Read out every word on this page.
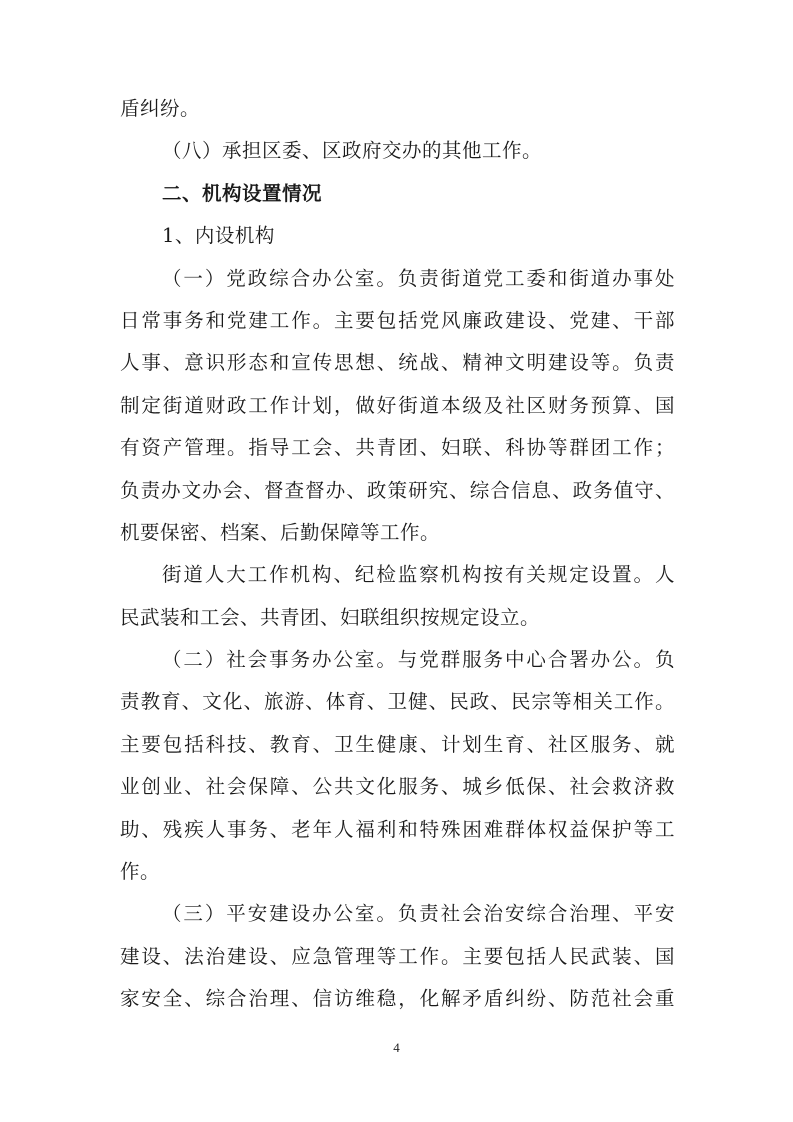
盾纠纷。
（八）承担区委、区政府交办的其他工作。
二、机构设置情况
1、内设机构
（一）党政综合办公室。负责街道党工委和街道办事处
日常事务和党建工作。主要包括党风廉政建设、党建、干部
人事、意识形态和宣传思想、统战、精神文明建设等。负责
制定街道财政工作计划，做好街道本级及社区财务预算、国
有资产管理。指导工会、共青团、妇联、科协等群团工作；
负责办文办会、督查督办、政策研究、综合信息、政务值守、
机要保密、档案、后勤保障等工作。
街道人大工作机构、纪检监察机构按有关规定设置。人
民武装和工会、共青团、妇联组织按规定设立。
（二）社会事务办公室。与党群服务中心合署办公。负
责教育、文化、旅游、体育、卫健、民政、民宗等相关工作。
主要包括科技、教育、卫生健康、计划生育、社区服务、就
业创业、社会保障、公共文化服务、城乡低保、社会救济救
助、残疾人事务、老年人福利和特殊困难群体权益保护等工
作。
（三）平安建设办公室。负责社会治安综合治理、平安
建设、法治建设、应急管理等工作。主要包括人民武装、国
家安全、综合治理、信访维稳，化解矛盾纠纷、防范社会重
4
